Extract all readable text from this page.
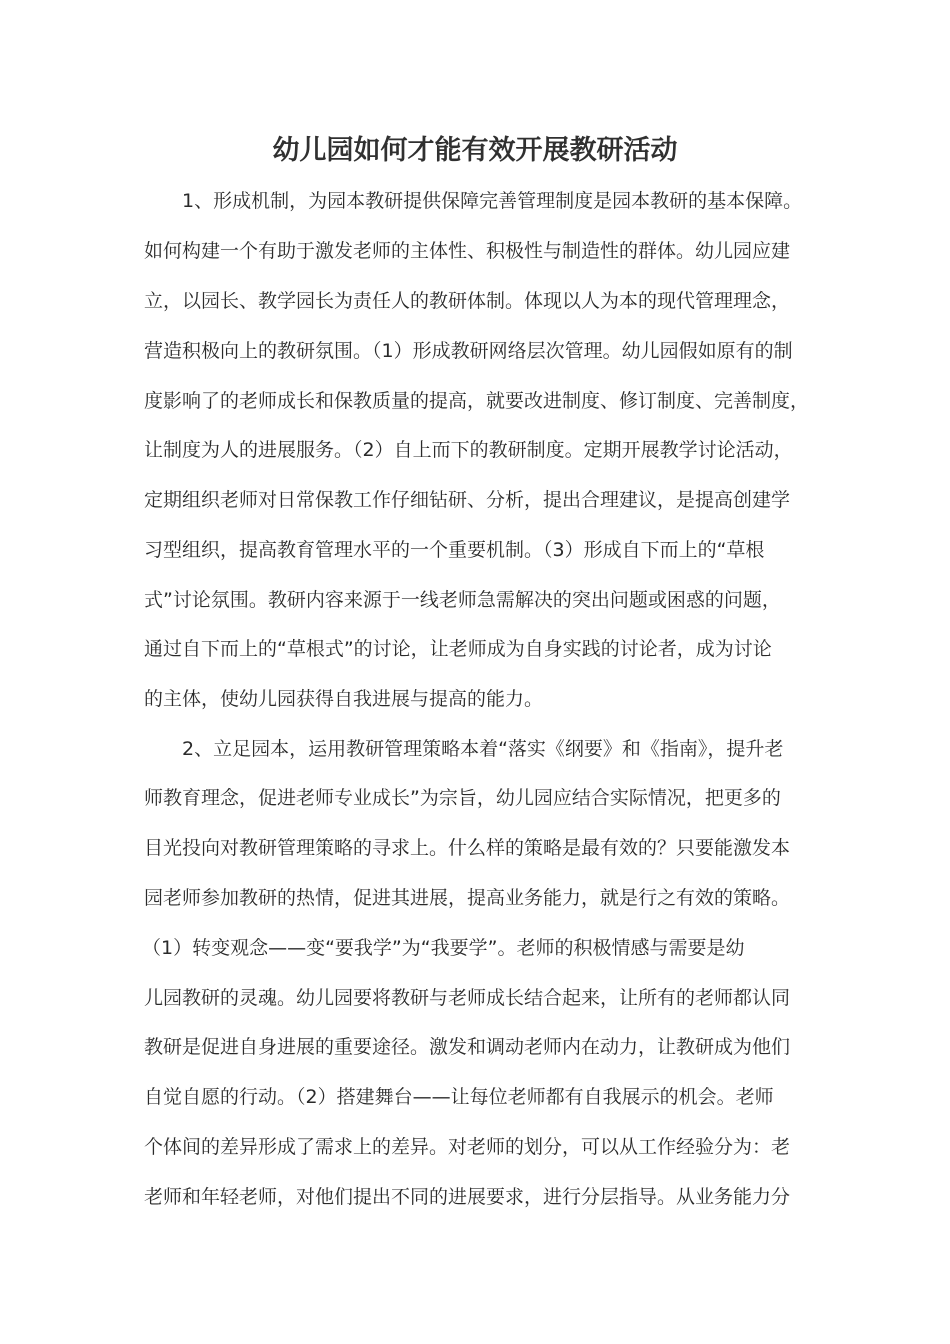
幼儿园如何才能有效开展教研活动
　　1、形成机制，为园本教研提供保障完善管理制度是园本教研的基本保障。
如何构建一个有助于激发老师的主体性、积极性与制造性的群体。幼儿园应建
立，以园长、教学园长为责任人的教研体制。体现以人为本的现代管理理念，
营造积极向上的教研氛围。（1）形成教研网络层次管理。幼儿园假如原有的制
度影响了的老师成长和保教质量的提高，就要改进制度、修订制度、完善制度，
让制度为人的进展服务。（2）自上而下的教研制度。定期开展教学讨论活动，
定期组织老师对日常保教工作仔细钻研、分析，提出合理建议，是提高创建学
习型组织，提高教育管理水平的一个重要机制。（3）形成自下而上的“草根
式”讨论氛围。教研内容来源于一线老师急需解决的突出问题或困惑的问题，
通过自下而上的“草根式”的讨论，让老师成为自身实践的讨论者，成为讨论
的主体，使幼儿园获得自我进展与提高的能力。
　　2、立足园本，运用教研管理策略本着“落实《纲要》和《指南》，提升老
师教育理念，促进老师专业成长”为宗旨，幼儿园应结合实际情况，把更多的
目光投向对教研管理策略的寻求上。什么样的策略是最有效的？只要能激发本
园老师参加教研的热情，促进其进展，提高业务能力，就是行之有效的策略。
（1）转变观念——变“要我学”为“我要学”。老师的积极情感与需要是幼
儿园教研的灵魂。幼儿园要将教研与老师成长结合起来，让所有的老师都认同
教研是促进自身进展的重要途径。激发和调动老师内在动力，让教研成为他们
自觉自愿的行动。（2）搭建舞台——让每位老师都有自我展示的机会。老师
个体间的差异形成了需求上的差异。对老师的划分，可以从工作经验分为：老
老师和年轻老师，对他们提出不同的进展要求，进行分层指导。从业务能力分
